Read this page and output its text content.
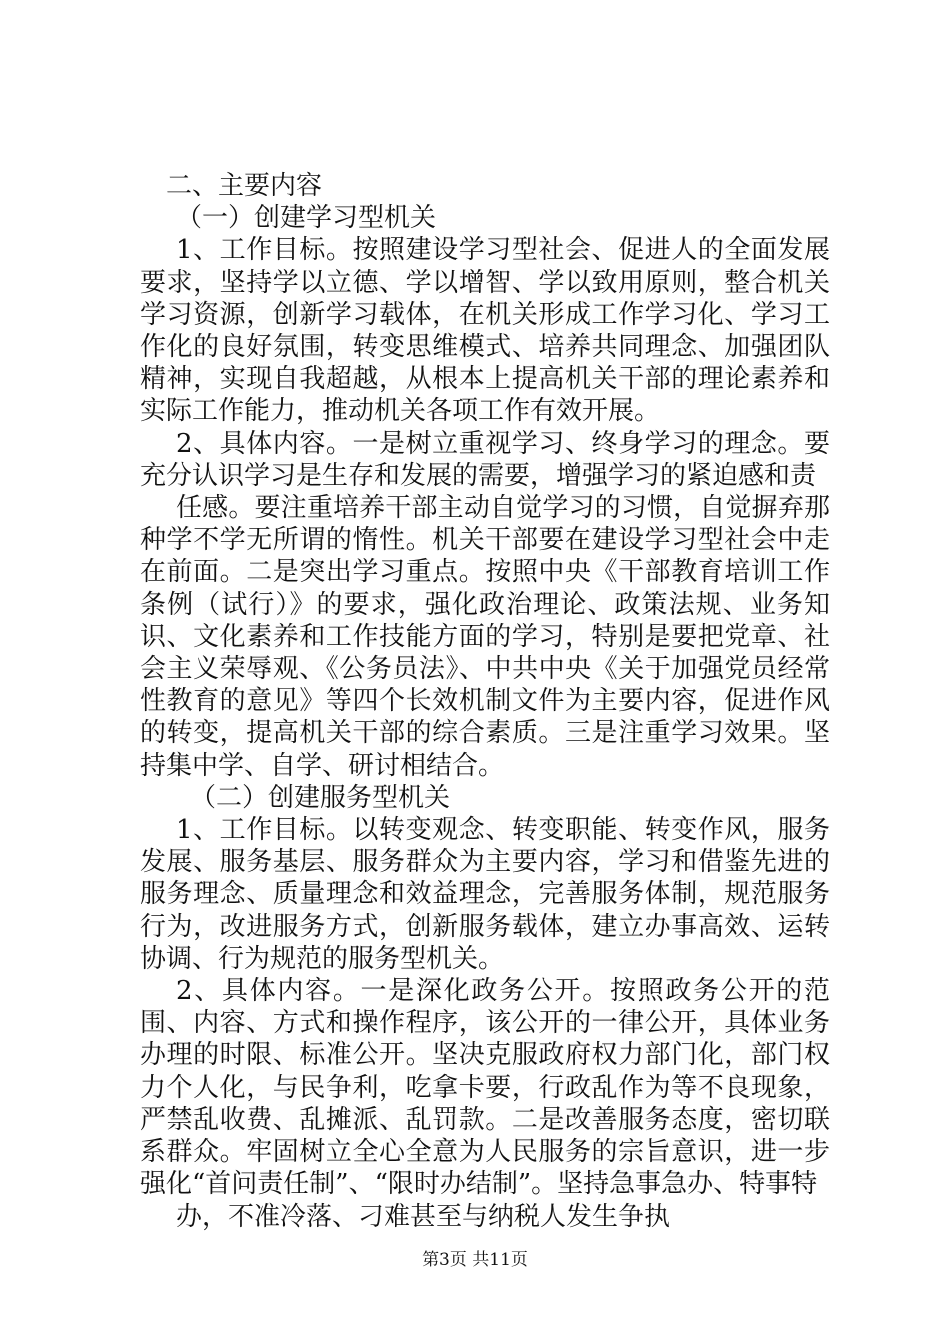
二、主要内容

（一）创建学习型机关

1、工作目标。按照建设学习型社会、促进人的全面发展要求，坚持学以立德、学以增智、学以致用原则，整合机关学习资源，创新学习载体，在机关形成工作学习化、学习工作化的良好氛围，转变思维模式、培养共同理念、加强团队精神，实现自我超越，从根本上提高机关干部的理论素养和实际工作能力，推动机关各项工作有效开展。

2、具体内容。一是树立重视学习、终身学习的理念。要充分认识学习是生存和发展的需要，增强学习的紧迫感和责

任感。要注重培养干部主动自觉学习的习惯，自觉摒弃那种学不学无所谓的惰性。机关干部要在建设学习型社会中走在前面。二是突出学习重点。按照中央《干部教育培训工作条例（试行）》的要求，强化政治理论、政策法规、业务知识、文化素养和工作技能方面的学习，特别是要把党章、社会主义荣辱观、《公务员法》、中共中央《关于加强党员经常性教育的意见》等四个长效机制文件为主要内容，促进作风的转变，提高机关干部的综合素质。三是注重学习效果。坚持集中学、自学、研讨相结合。

（二）创建服务型机关

1、工作目标。以转变观念、转变职能、转变作风，服务发展、服务基层、服务群众为主要内容，学习和借鉴先进的服务理念、质量理念和效益理念，完善服务体制，规范服务行为，改进服务方式，创新服务载体，建立办事高效、运转协调、行为规范的服务型机关。

2、具体内容。一是深化政务公开。按照政务公开的范围、内容、方式和操作程序，该公开的一律公开，具体业务办理的时限、标准公开。坚决克服政府权力部门化，部门权力个人化，与民争利，吃拿卡要，行政乱作为等不良现象，严禁乱收费、乱摊派、乱罚款。二是改善服务态度，密切联系群众。牢固树立全心全意为人民服务的宗旨意识，进一步强化“首问责任制”、“限时办结制”。坚持急事急办、特事特

办，不准冷落、刁难甚至与纳税人发生争执

第3页 共11页
